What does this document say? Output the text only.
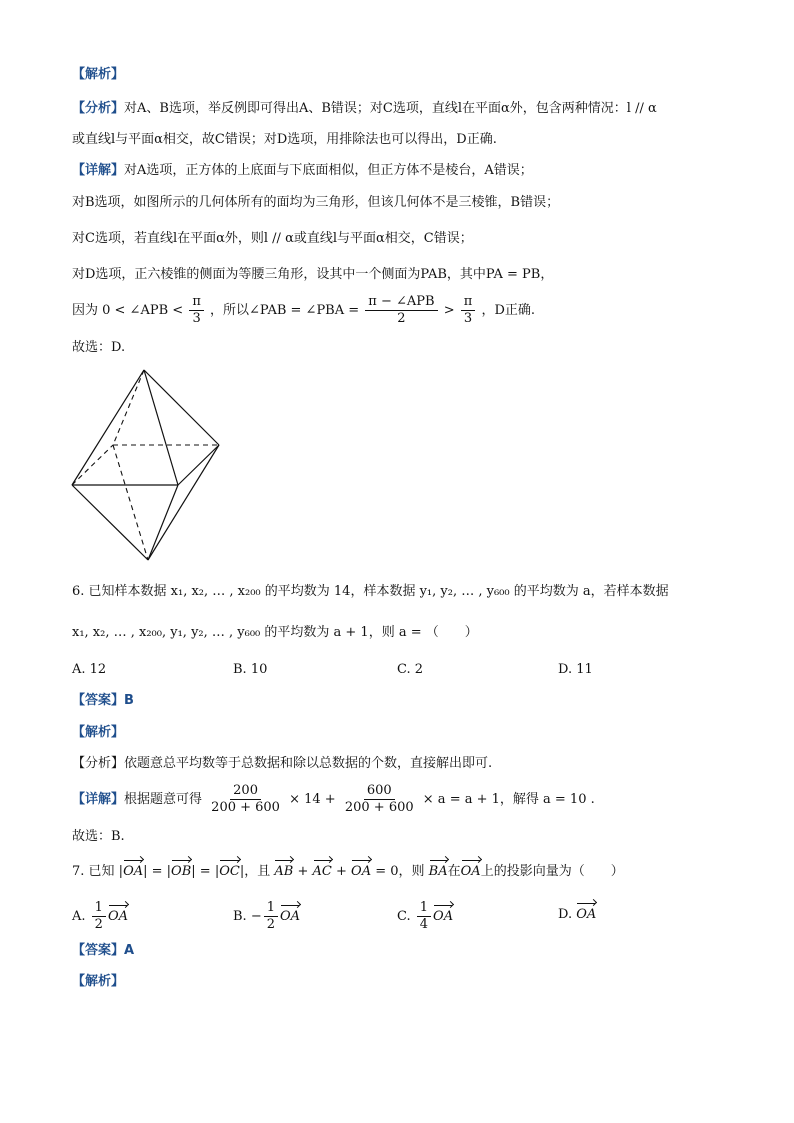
【解析】
【分析】对A、B选项，举反例即可得出A、B错误；对C选项，直线l在平面α外，包含两种情况：l // α
或直线l与平面α相交，故C错误；对D选项，用排除法也可以得出，D正确.
【详解】对A选项，正方体的上底面与下底面相似，但正方体不是棱台，A错误；
对B选项，如图所示的几何体所有的面均为三角形，但该几何体不是三棱锥，B错误；
对C选项，若直线l在平面α外，则l // α或直线l与平面α相交，C错误；
对D选项，正六棱锥的侧面为等腰三角形，设其中一个侧面为PAB，其中PA = PB，
因为 0 < ∠APB < $\frac{\pi}{3}$ ，所以∠PAB = ∠PBA = $\frac{\text{π − ∠APB}}{2} > \frac{\pi}{3}$ ，D正确.
故选：D.
6. 已知样本数据 x₁, x₂, … , x₂₀₀ 的平均数为 14，样本数据 y₁, y₂, … , y₆₀₀ 的平均数为 a，若样本数据
x₁, x₂, … , x₂₀₀, y₁, y₂, … , y₆₀₀ 的平均数为 a + 1，则 a = （　　）
A. 12	B. 10	C. 2	D. 11
【答案】B
【解析】
【分析】依题意总平均数等于总数据和除以总数据的个数，直接解出即可.
【详解】根据题意可得 $\frac{200}{200 + 600} \times 14 + \frac{600}{200 + 600} \times a = a + 1$，解得 a = 10 .
故选：B.
7. 已知 |OA| = |OB| = |OC|，且 AB + AC + OA = 0，则 BA在OA上的投影向量为（　　）
A. $\frac{1}{2}$ OA	B. − $\frac{1}{2}$ OA	C. $\frac{1}{4}$ OA	D. OA
【答案】A
【解析】
